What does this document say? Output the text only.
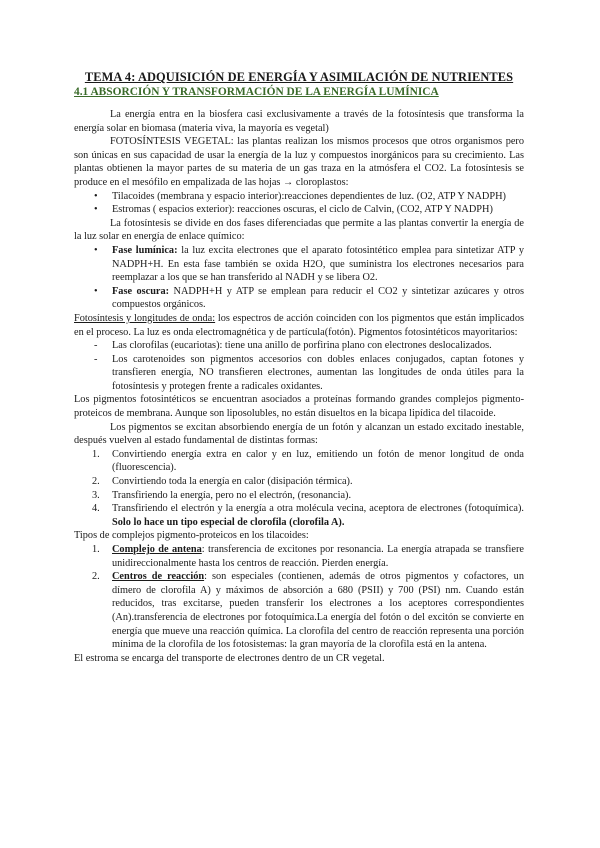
TEMA 4: ADQUISICIÓN DE ENERGÍA Y ASIMILACIÓN DE NUTRIENTES
4.1 ABSORCIÓN Y TRANSFORMACIÓN DE LA ENERGÍA LUMÍNICA

La energía entra en la biosfera casi exclusivamente a través de la fotosíntesis que transforma la energía solar en biomasa (materia viva, la mayoría es vegetal)

FOTOSÍNTESIS VEGETAL: las plantas realizan los mismos procesos que otros organismos pero son únicas en sus capacidad de usar la energía de la luz y compuestos inorgánicos para su crecimiento. Las plantas obtienen la mayor partes de su materia de un gas traza en la atmósfera el CO2. La fotosíntesis se produce en el mesófilo en empalizada de las hojas → cloroplastos:

• Tilacoides (membrana y espacio interior):reacciones dependientes de luz. (O2, ATP Y NADPH)
• Estromas ( espacios exterior): reacciones oscuras, el ciclo de Calvin, (CO2, ATP Y NADPH)

La fotosíntesis se divide en dos fases diferenciadas que permite a las plantas convertir la energía de la luz solar en energía de enlace químico:

• Fase lumínica: la luz excita electrones que el aparato fotosintético emplea para sintetizar ATP y NADPH+H. En esta fase también se oxida H2O, que suministra los electrones necesarios para reemplazar a los que se han transferido al NADH y se libera O2.
• Fase oscura: NADPH+H y ATP se emplean para reducir el CO2 y sintetizar azúcares y otros compuestos orgánicos.

Fotosíntesis y longitudes de onda: los espectros de acción coinciden con los pigmentos que están implicados en el proceso. La luz es onda electromagnética y de partícula(fotón). Pigmentos fotosintéticos mayoritarios:

- Las clorofilas (eucariotas): tiene una anillo de porfirina plano con electrones deslocalizados.
- Los carotenoides son pigmentos accesorios con dobles enlaces conjugados, captan fotones y transfieren energía, NO transfieren electrones, aumentan las longitudes de onda útiles para la fotosíntesis y protegen frente a radicales oxidantes.

Los pigmentos fotosintéticos se encuentran asociados a proteínas formando grandes complejos pigmento- proteicos de membrana. Aunque son liposolubles, no están disueltos en la bicapa lipídica del tilacoide.

Los pigmentos se excitan absorbiendo energía de un fotón y alcanzan un estado excitado inestable, después vuelven al estado fundamental de distintas formas:

1. Convirtiendo energía extra en calor y en luz, emitiendo un fotón de menor longitud de onda (fluorescencia).
2. Convirtiendo toda la energía en calor (disipación térmica).
3. Transfiriendo la energía, pero no el electrón, (resonancia).
4. Transfiriendo el electrón y la energía a otra molécula vecina, aceptora de electrones (fotoquímica). Solo lo hace un tipo especial de clorofila (clorofila A).

Tipos de complejos pigmento-proteicos en los tilacoides:

1. Complejo de antena: transferencia de excitones por resonancia. La energía atrapada se transfiere unidireccionalmente hasta los centros de reacción. Pierden energía.
2. Centros de reacción: son especiales (contienen, además de otros pigmentos y cofactores, un dímero de clorofila A) y máximos de absorción a 680 (PSII) y 700 (PSI) nm. Cuando están reducidos, tras excitarse, pueden transferir los electrones a los aceptores correspondientes (An).transferencia de electrones por fotoquímica.La energía del fotón o del excitón se convierte en energía que mueve una reacción química. La clorofila del centro de reacción representa una porción mínima de la clorofila de los fotosistemas: la gran mayoría de la clorofila está en la antena.

El estroma se encarga del transporte de electrones dentro de un CR vegetal.
